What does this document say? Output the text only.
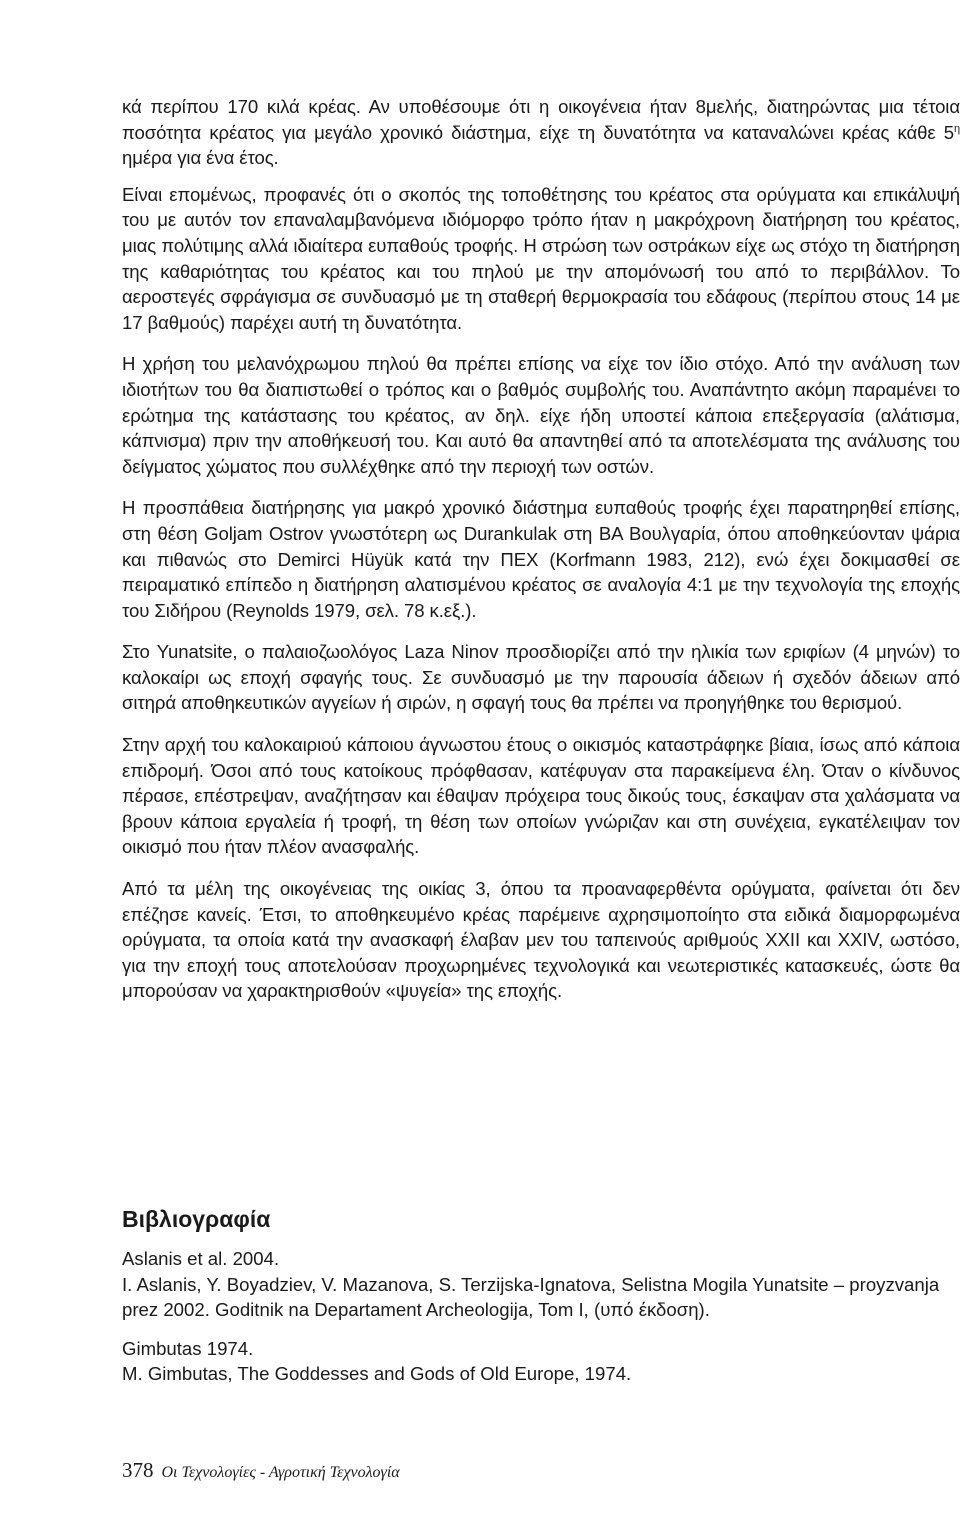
κά περίπου 170 κιλά κρέας. Αν υποθέσουμε ότι η οικογένεια ήταν 8μελής, διατηρώντας μια τέτοια ποσότητα κρέατος για μεγάλο χρονικό διάστημα, είχε τη δυνατότητα να καταναλώνει κρέας κάθε $5^\eta$ ημέρα για ένα έτος.

Είναι επομένως, προφανές ότι ο σκοπός της τοποθέτησης του κρέατος στα ορύγματα και επικάλυψή του με αυτόν τον επαναλαμβανόμενα ιδιόμορφο τρόπο ήταν η μακρόχρονη διατήρηση του κρέατος, μιας πολύτιμης αλλά ιδιαίτερα ευπαθούς τροφής. Η στρώση των οστράκων είχε ως στόχο τη διατήρηση της καθαριότητας του κρέατος και του πηλού με την απομόνωσή του από το περιβάλλον. Το αεροστεγές σφράγισμα σε συνδυασμό με τη σταθερή θερμοκρασία του εδάφους (περίπου στους 14 με 17 βαθμούς) παρέχει αυτή τη δυνατότητα.

Η χρήση του μελανόχρωμου πηλού θα πρέπει επίσης να είχε τον ίδιο στόχο. Από την ανάλυση των ιδιοτήτων του θα διαπιστωθεί ο τρόπος και ο βαθμός συμβολής του. Αναπάντητο ακόμη παραμένει το ερώτημα της κατάστασης του κρέατος, αν δηλ. είχε ήδη υποστεί κάποια επεξεργασία (αλάτισμα, κάπνισμα) πριν την αποθήκευσή του. Και αυτό θα απαντηθεί από τα αποτελέσματα της ανάλυσης του δείγματος χώματος που συλλέχθηκε από την περιοχή των οστών.

Η προσπάθεια διατήρησης για μακρό χρονικό διάστημα ευπαθούς τροφής έχει παρατηρηθεί επίσης, στη θέση Goljam Ostrov γνωστότερη ως Durankulak στη ΒΑ Βουλγαρία, όπου αποθηκεύονταν ψάρια και πιθανώς στο Demirci Hüyük κατά την ΠΕΧ (Korfmann 1983, 212), ενώ έχει δοκιμασθεί σε πειραματικό επίπεδο η διατήρηση αλατισμένου κρέατος σε αναλογία 4:1 με την τεχνολογία της εποχής του Σιδήρου (Reynolds 1979, σελ. 78 κ.εξ.).

Στο Yunatsite, ο παλαιοζωολόγος Laza Ninov προσδιορίζει από την ηλικία των εριφίων (4 μηνών) το καλοκαίρι ως εποχή σφαγής τους. Σε συνδυασμό με την παρουσία άδειων ή σχεδόν άδειων από σιτηρά αποθηκευτικών αγγείων ή σιρών, η σφαγή τους θα πρέπει να προηγήθηκε του θερισμού.

Στην αρχή του καλοκαιριού κάποιου άγνωστου έτους ο οικισμός καταστράφηκε βίαια, ίσως από κάποια επιδρομή. Όσοι από τους κατοίκους πρόφθασαν, κατέφυγαν στα παρακείμενα έλη. Όταν ο κίνδυνος πέρασε, επέστρεψαν, αναζήτησαν και έθαψαν πρόχειρα τους δικούς τους, έσκαψαν στα χαλάσματα να βρουν κάποια εργαλεία ή τροφή, τη θέση των οποίων γνώριζαν και στη συνέχεια, εγκατέλειψαν τον οικισμό που ήταν πλέον ανασφαλής.

Από τα μέλη της οικογένειας της οικίας 3, όπου τα προαναφερθέντα ορύγματα, φαίνεται ότι δεν επέζησε κανείς. Έτσι, το αποθηκευμένο κρέας παρέμεινε αχρησιμοποίητο στα ειδικά διαμορφωμένα ορύγματα, τα οποία κατά την ανασκαφή έλαβαν μεν του ταπεινούς αριθμούς XXII και XXIV, ωστόσο, για την εποχή τους αποτελούσαν προχωρημένες τεχνολογικά και νεωτεριστικές κατασκευές, ώστε θα μπορούσαν να χαρακτηρισθούν «ψυγεία» της εποχής.

Βιβλιογραφία
Aslanis et al. 2004.
I. Aslanis, Y. Boyadziev, V. Mazanova, S. Terzijska-Ignatova, Selistna Mogila Yunatsite – proyzvanja prez 2002. Goditnik na Departament Archeologija, Tom I, (υπό έκδοση).
Gimbutas 1974.
M. Gimbutas, The Goddesses and Gods of Old Europe, 1974.
378 Οι Τεχνολογίες - Αγροτική Τεχνολογία
